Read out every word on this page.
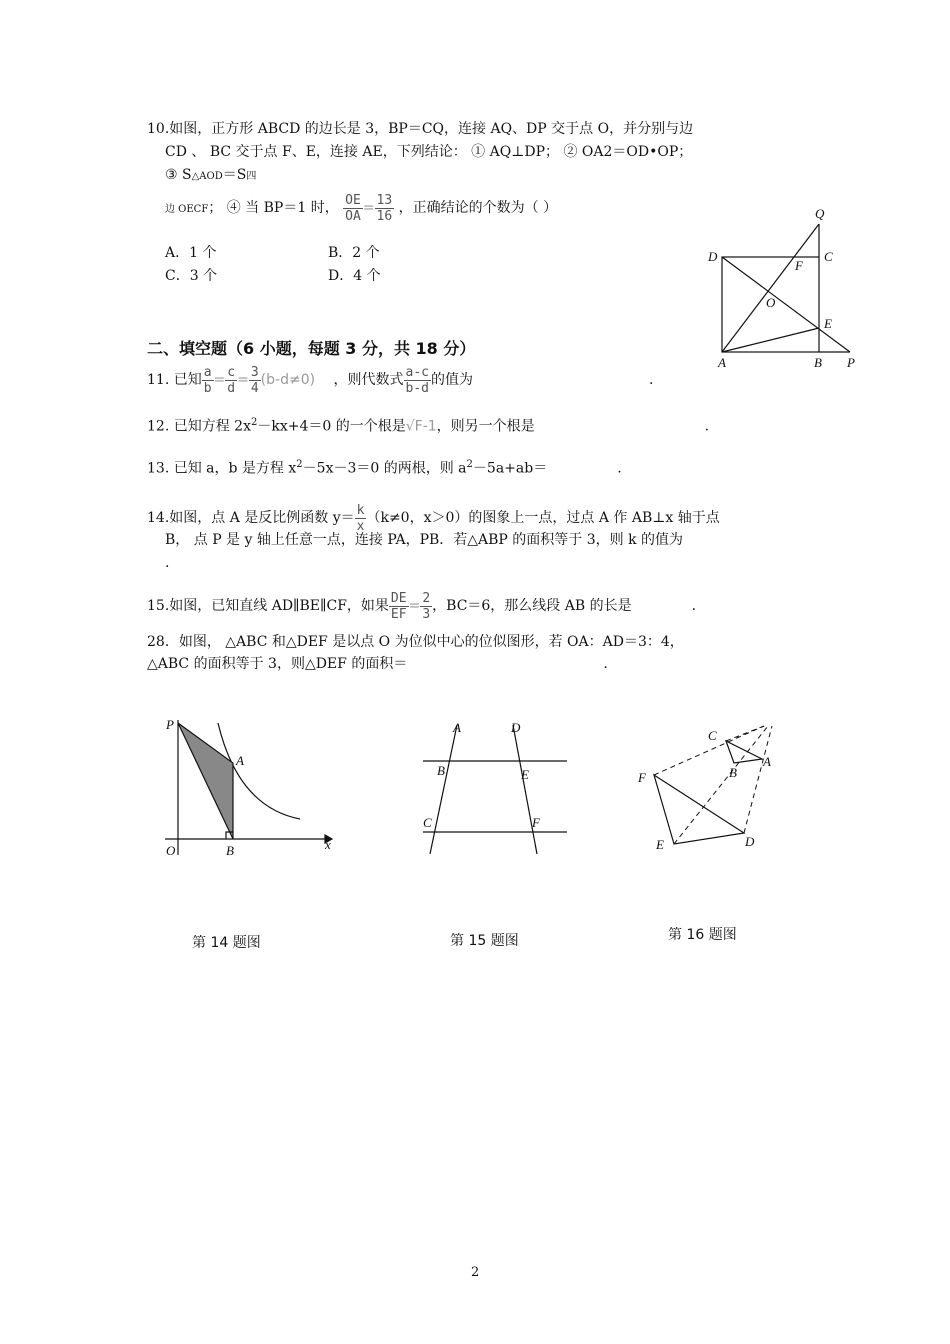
10.如图，正方形 ABCD 的边长是 3，BP＝CQ，连接 AQ、DP 交于点 O，并分别与边
CD 、 BC 交于点 F、E，连接 AE，下列结论： ① AQ⊥DP； ② OA2＝OD•OP；
③ S△AOD＝S四
边 OECF； ④ 当 BP＝1 时， $\frac{OE}{OA} = \frac{13}{16}$ ，正确结论的个数为（ ）
A．1 个	B．2 个
C．3 个	D．4 个
Q
D	C
F
O
E
A	B P
二、填空题（6 小题，每题 3 分，共 18 分）
11. 已知 $\frac{a}{b} = \frac{c}{d} = \frac{3}{4} (b-d\ne 0)$ ，则代数式 $\frac{a-c}{b-d}$ 的值为	.
12. 已知方程 $2x^2-kx+4=0$ 的一个根是√F-1，则另一个根是	.
13. 已知 a，b 是方程 $x^2-5x-3=0$ 的两根，则 $a^2-5a+ab=$	.
14.如图，点 A 是反比例函数 $y= \frac{k}{x} (k\ne 0$，x＞0）的图象上一点，过点 A 作 AB⊥x 轴于点
B， 点 P 是 y 轴上任意一点，连接 PA，PB．若△ABP 的面积等于 3，则 k 的值为
.
15.如图，已知直线 AD∥BE∥CF，如果 $\frac{DE}{EF} = \frac{2}{3}$ ，BC＝6，那么线段 AB 的长是	.
28．如图， △ABC 和△DEF 是以点 O 为位似中心的位似图形，若 OA：AD＝3：4，
△ABC 的面积等于 3，则△DEF 的面积＝	.
P
A
O	B	x
第 14 题图
A	D
B	E
C	F
第 15 题图
C
B
A
F
E	D
第 16 题图
2
